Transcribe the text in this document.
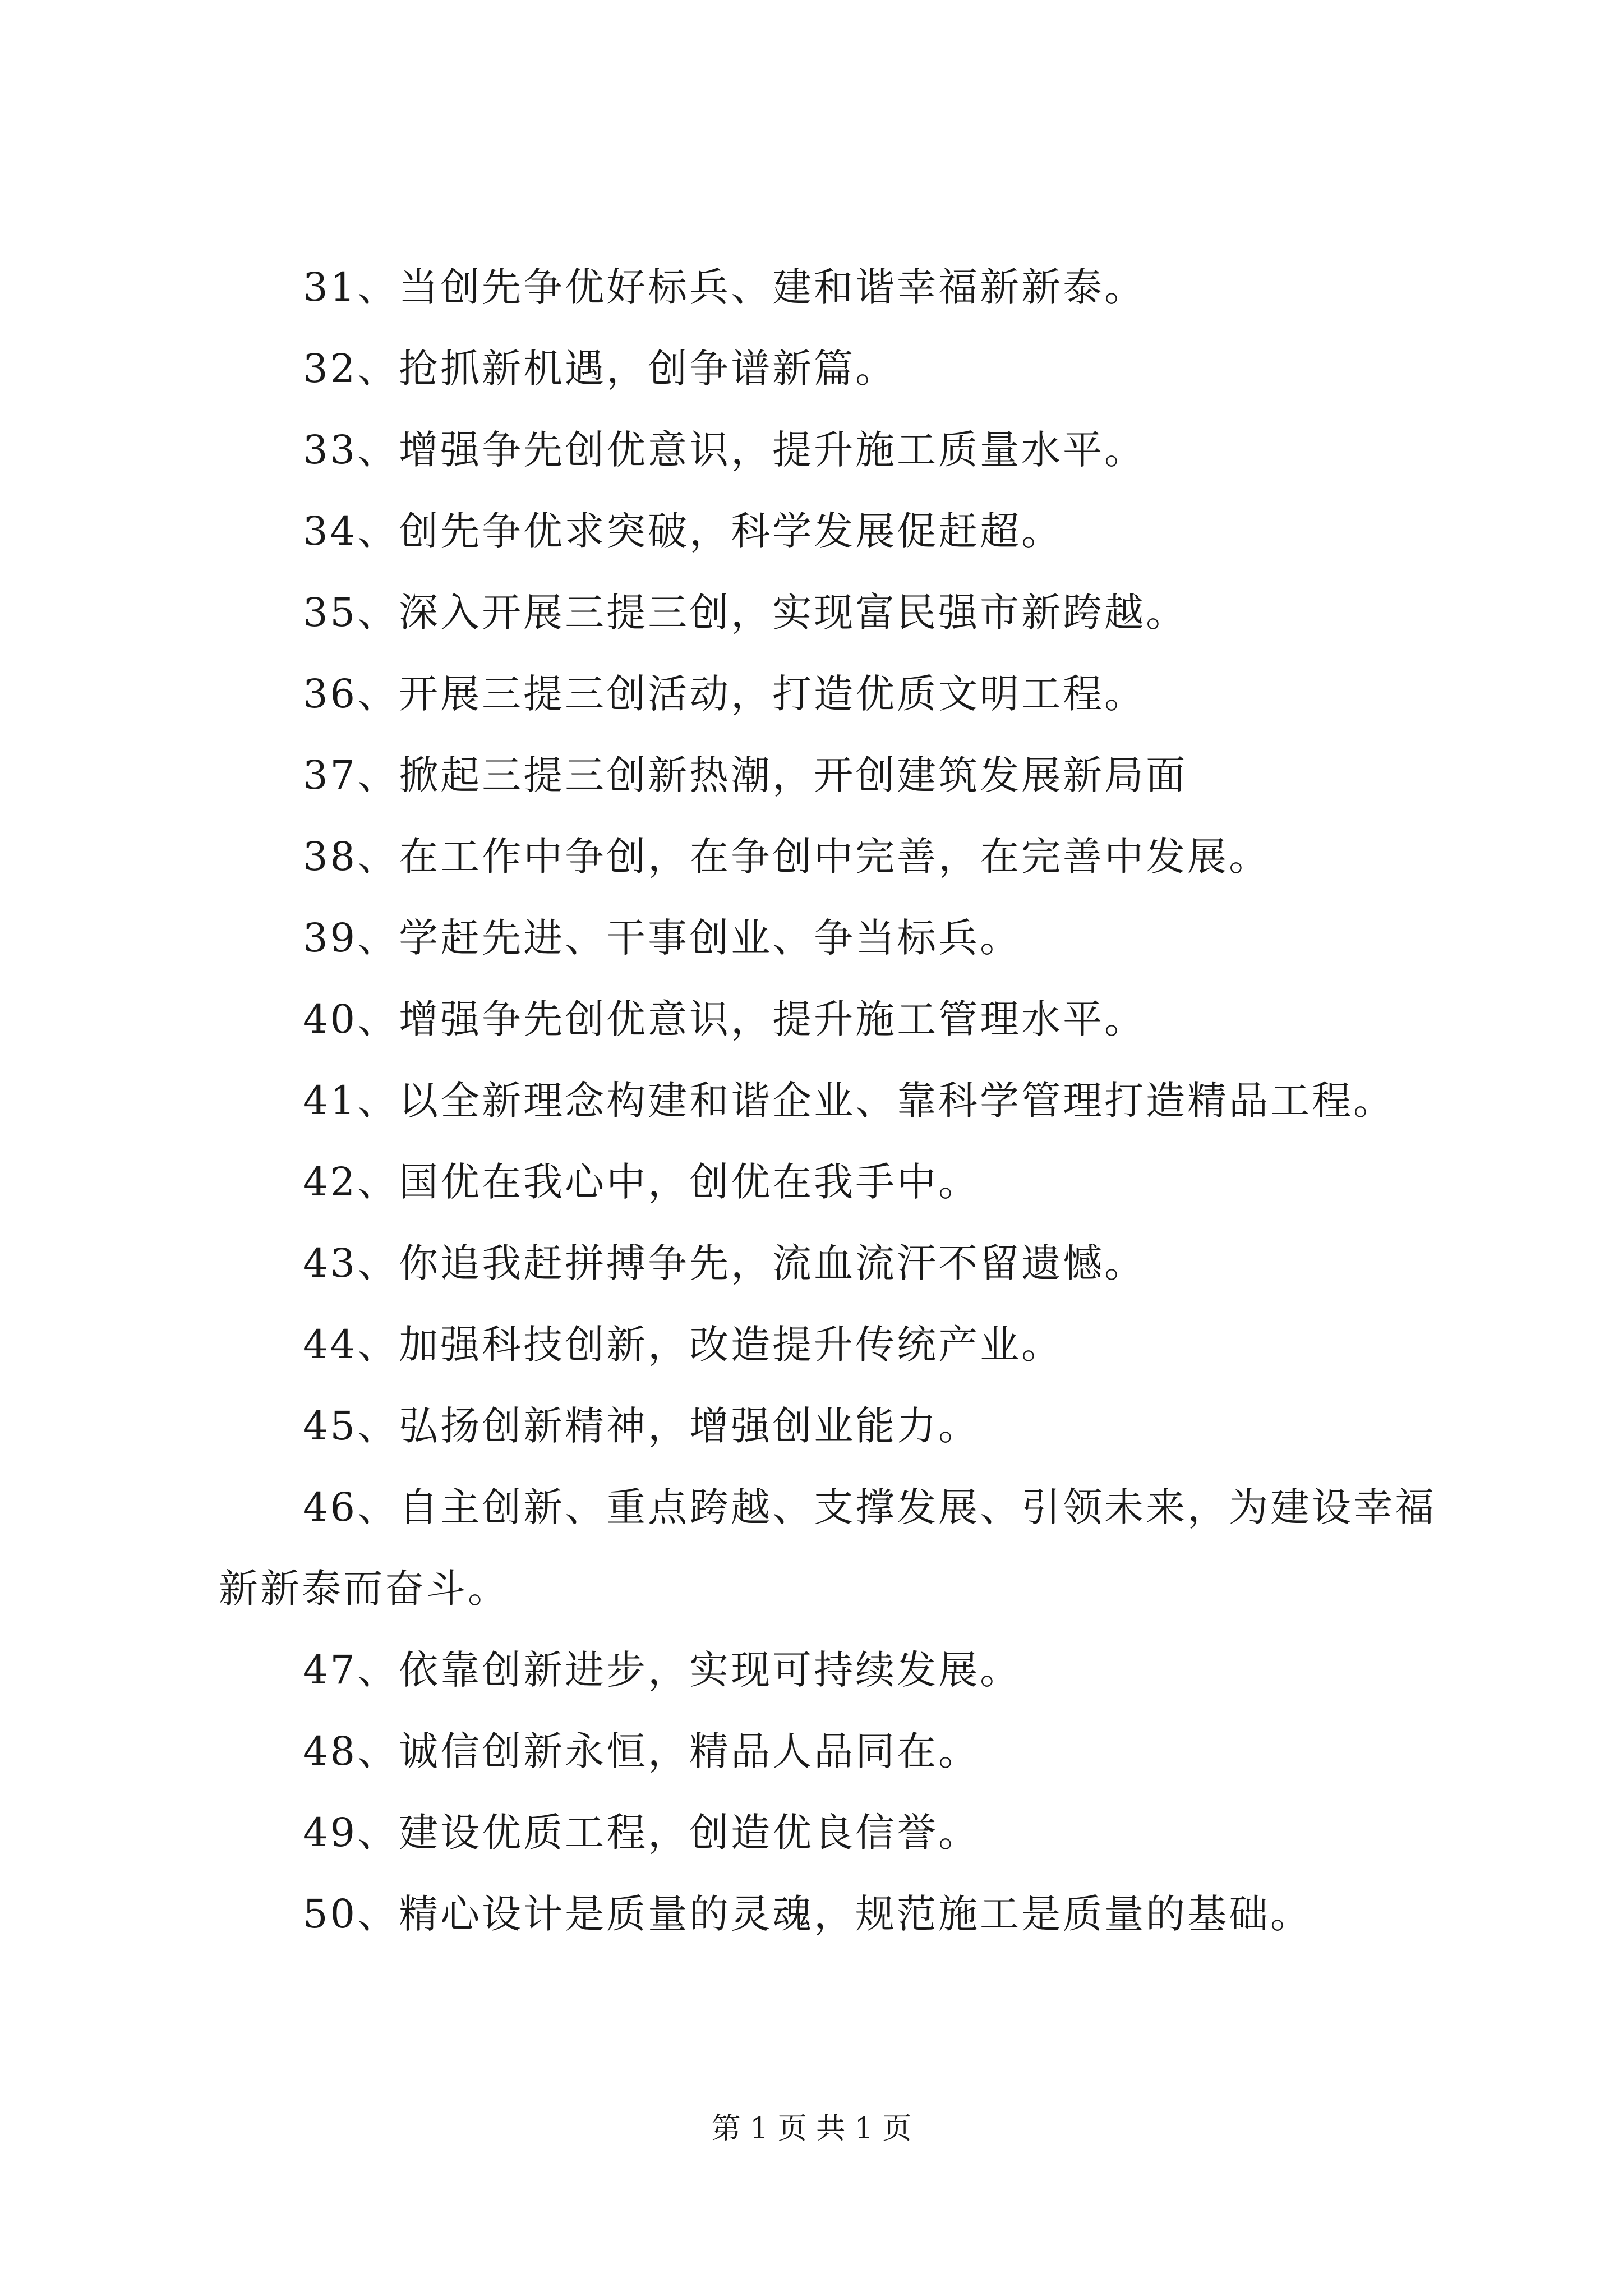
31、当创先争优好标兵、建和谐幸福新新泰。

32、抢抓新机遇，创争谱新篇。

33、增强争先创优意识，提升施工质量水平。

34、创先争优求突破，科学发展促赶超。

35、深入开展三提三创，实现富民强市新跨越。

36、开展三提三创活动，打造优质文明工程。

37、掀起三提三创新热潮，开创建筑发展新局面

38、在工作中争创，在争创中完善，在完善中发展。

39、学赶先进、干事创业、争当标兵。

40、增强争先创优意识，提升施工管理水平。

41、以全新理念构建和谐企业、靠科学管理打造精品工程。

42、国优在我心中，创优在我手中。

43、你追我赶拼搏争先，流血流汗不留遗憾。

44、加强科技创新，改造提升传统产业。

45、弘扬创新精神，增强创业能力。

46、自主创新、重点跨越、支撑发展、引领未来，为建设幸福新新泰而奋斗。

47、依靠创新进步，实现可持续发展。

48、诚信创新永恒，精品人品同在。

49、建设优质工程，创造优良信誉。

50、精心设计是质量的灵魂，规范施工是质量的基础。

第 1 页 共 1 页
